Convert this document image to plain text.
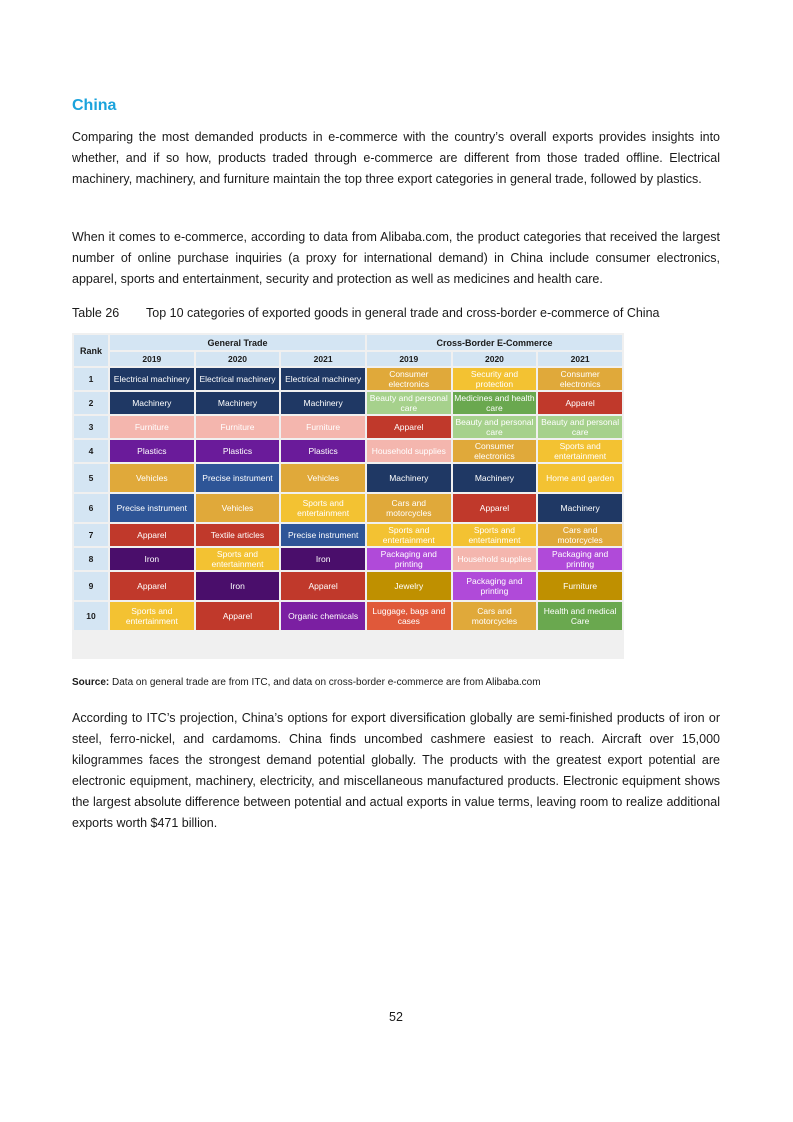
China

Comparing the most demanded products in e-commerce with the country’s overall exports provides insights into whether, and if so how, products traded through e-commerce are different from those traded offline. Electrical machinery, machinery, and furniture maintain the top three export categories in general trade, followed by plastics.

When it comes to e-commerce, according to data from Alibaba.com, the product categories that received the largest number of online purchase inquiries (a proxy for international demand) in China include consumer electronics, apparel, sports and entertainment, security and protection as well as medicines and health care.

Table 26 Top 10 categories of exported goods in general trade and cross-border e-commerce of China

Rank	General Trade			Cross-Border E-Commerce		
	2019	2020	2021	2019	2020	2021
1	Electrical machinery	Electrical machinery	Electrical machinery	Consumer electronics	Security and protection	Consumer electronics
2	Machinery	Machinery	Machinery	Beauty and personal care	Medicines and health care	Apparel
3	Furniture	Furniture	Furniture	Apparel	Beauty and personal care	Beauty and personal care
4	Plastics	Plastics	Plastics	Household supplies	Consumer electronics	Sports and entertainment
5	Vehicles	Precise instrument	Vehicles	Machinery	Machinery	Home and garden
6	Precise instrument	Vehicles	Sports and entertainment	Cars and motorcycles	Apparel	Machinery
7	Apparel	Textile articles	Precise instrument	Sports and entertainment	Sports and entertainment	Cars and motorcycles
8	Iron	Sports and entertainment	Iron	Packaging and printing	Household supplies	Packaging and printing
9	Apparel	Iron	Apparel	Jewelry	Packaging and printing	Furniture
10	Sports and entertainment	Apparel	Organic chemicals	Luggage, bags and cases	Cars and motorcycles	Health and medical Care

Source: Data on general trade are from ITC, and data on cross-border e-commerce are from Alibaba.com

According to ITC’s projection, China’s options for export diversification globally are semi-finished products of iron or steel, ferro-nickel, and cardamoms. China finds uncombed cashmere easiest to reach. Aircraft over 15,000 kilogrammes faces the strongest demand potential globally. The products with the greatest export potential are electronic equipment, machinery, electricity, and miscellaneous manufactured products. Electronic equipment shows the largest absolute difference between potential and actual exports in value terms, leaving room to realize additional exports worth $471 billion.

52
